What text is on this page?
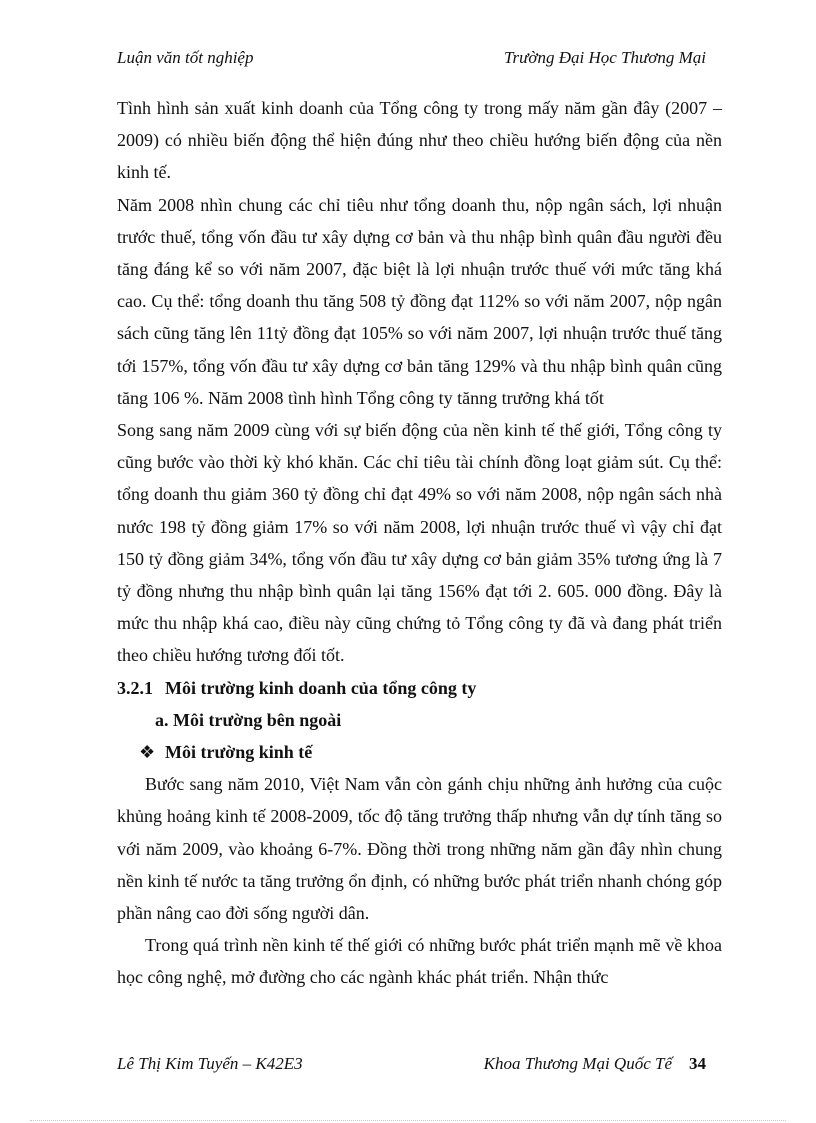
Luận văn tốt nghiệp	Trường Đại Học Thương Mại

Tình hình sản xuất kinh doanh của Tổng công ty trong mấy năm gần đây (2007 – 2009) có nhiều biến động thể hiện đúng như theo chiều hướng biến động của nền kinh tế.

Năm 2008 nhìn chung các chỉ tiêu như tổng doanh thu, nộp ngân sách, lợi nhuận trước thuế, tổng vốn đầu tư xây dựng cơ bản và thu nhập bình quân đầu người đều tăng đáng kể so với năm 2007, đặc biệt là lợi nhuận trước thuế với mức tăng khá cao. Cụ thể: tổng doanh thu tăng 508 tỷ đồng đạt 112% so với năm 2007, nộp ngân sách cũng tăng lên 11tỷ đồng đạt 105% so với năm 2007, lợi nhuận trước thuế tăng tới 157%, tổng vốn đầu tư xây dựng cơ bản tăng 129% và thu nhập bình quân cũng tăng 106 %. Năm 2008 tình hình Tổng công ty tănng trưởng khá tốt

Song sang năm 2009 cùng với sự biến động của nền kinh tế thế giới, Tổng công ty cũng bước vào thời kỳ khó khăn. Các chỉ tiêu tài chính đồng loạt giảm sút. Cụ thể: tổng doanh thu giảm 360 tỷ đồng chỉ đạt 49% so với năm 2008, nộp ngân sách nhà nước 198 tỷ đồng giảm 17% so với năm 2008, lợi nhuận trước thuế vì vậy chỉ đạt 150 tỷ đồng giảm 34%, tổng vốn đầu tư xây dựng cơ bản giảm 35% tương ứng là 7 tỷ đồng nhưng thu nhập bình quân lại tăng 156% đạt tới 2. 605. 000 đồng. Đây là mức thu nhập khá cao, điều này cũng chứng tỏ Tổng công ty đã và đang phát triển theo chiều hướng tương đối tốt.

3.2.1 Môi trường kinh doanh của tổng công ty

a. Môi trường bên ngoài

❖ Môi trường kinh tế

Bước sang năm 2010, Việt Nam vẫn còn gánh chịu những ảnh hưởng của cuộc khủng hoảng kinh tế 2008-2009, tốc độ tăng trưởng thấp nhưng vẫn dự tính tăng so với năm 2009, vào khoảng 6-7%. Đồng thời trong những năm gần đây nhìn chung nền kinh tế nước ta tăng trưởng ổn định, có những bước phát triển nhanh chóng góp phần nâng cao đời sống người dân.

Trong quá trình nền kinh tế thế giới có những bước phát triển mạnh mẽ về khoa học công nghệ, mở đường cho các ngành khác phát triển. Nhận thức

Lê Thị Kim Tuyến – K42E3	Khoa Thương Mại Quốc Tế 34
